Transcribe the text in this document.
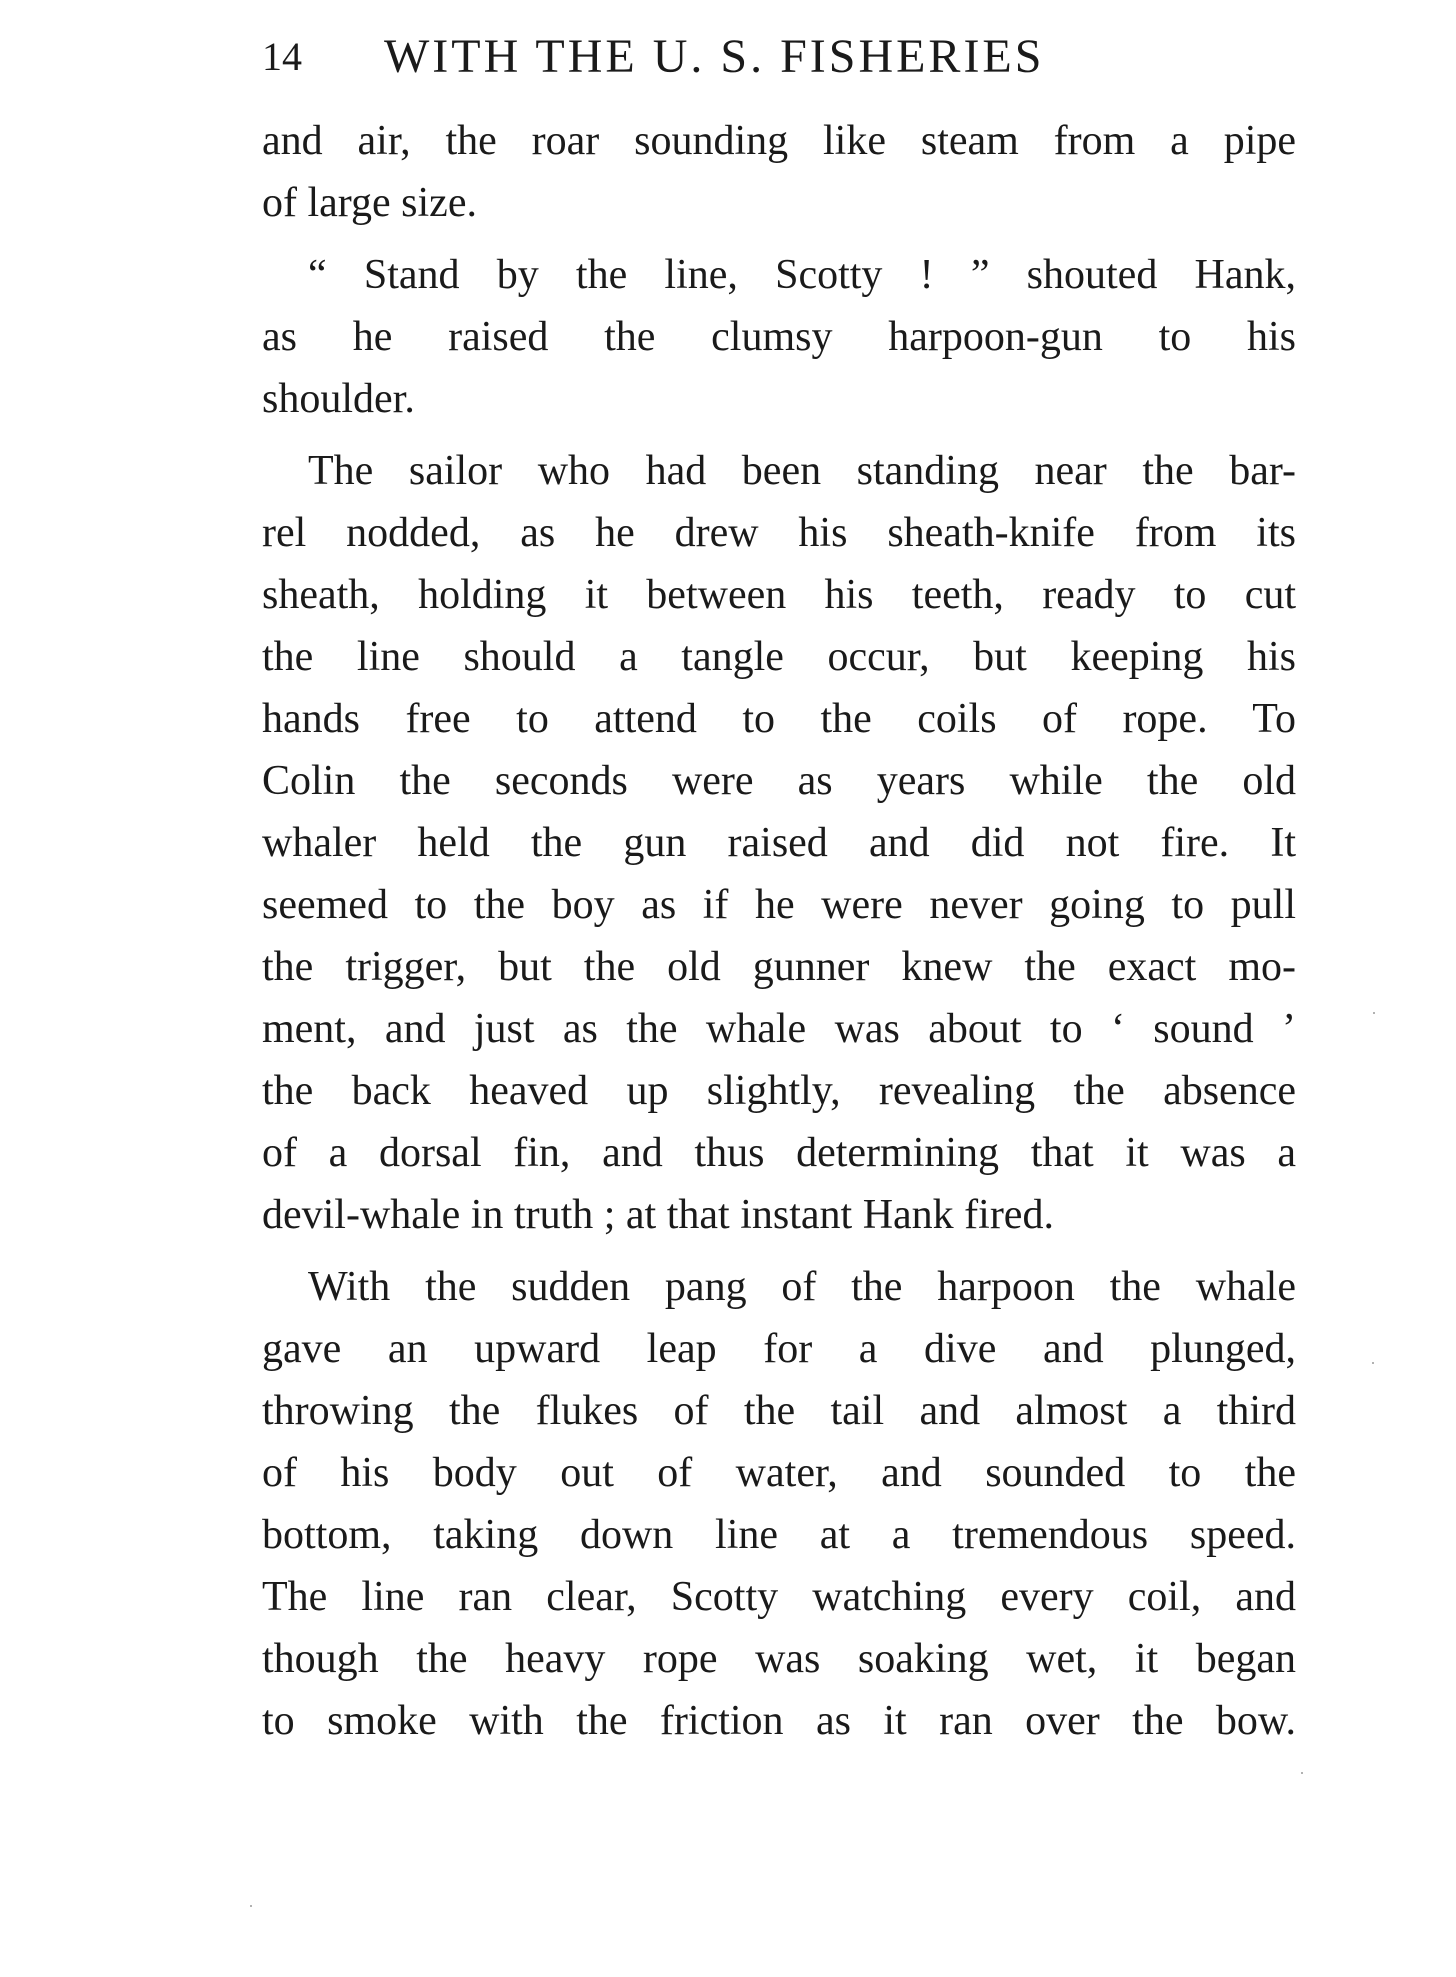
14 WITH THE U. S. FISHERIES
and air, the roar sounding like steam from a pipe
of large size.
“ Stand by the line, Scotty ! ” shouted Hank,
as he raised the clumsy harpoon-gun to his
shoulder.
The sailor who had been standing near the bar-
rel nodded, as he drew his sheath-knife from its
sheath, holding it between his teeth, ready to cut
the line should a tangle occur, but keeping his
hands free to attend to the coils of rope. To
Colin the seconds were as years while the old
whaler held the gun raised and did not fire. It
seemed to the boy as if he were never going to pull
the trigger, but the old gunner knew the exact mo-
ment, and just as the whale was about to ‘ sound ’
the back heaved up slightly, revealing the absence
of a dorsal fin, and thus determining that it was a
devil-whale in truth ; at that instant Hank fired.
With the sudden pang of the harpoon the whale
gave an upward leap for a dive and plunged,
throwing the flukes of the tail and almost a third
of his body out of water, and sounded to the
bottom, taking down line at a tremendous speed.
The line ran clear, Scotty watching every coil, and
though the heavy rope was soaking wet, it began
to smoke with the friction as it ran over the bow.
